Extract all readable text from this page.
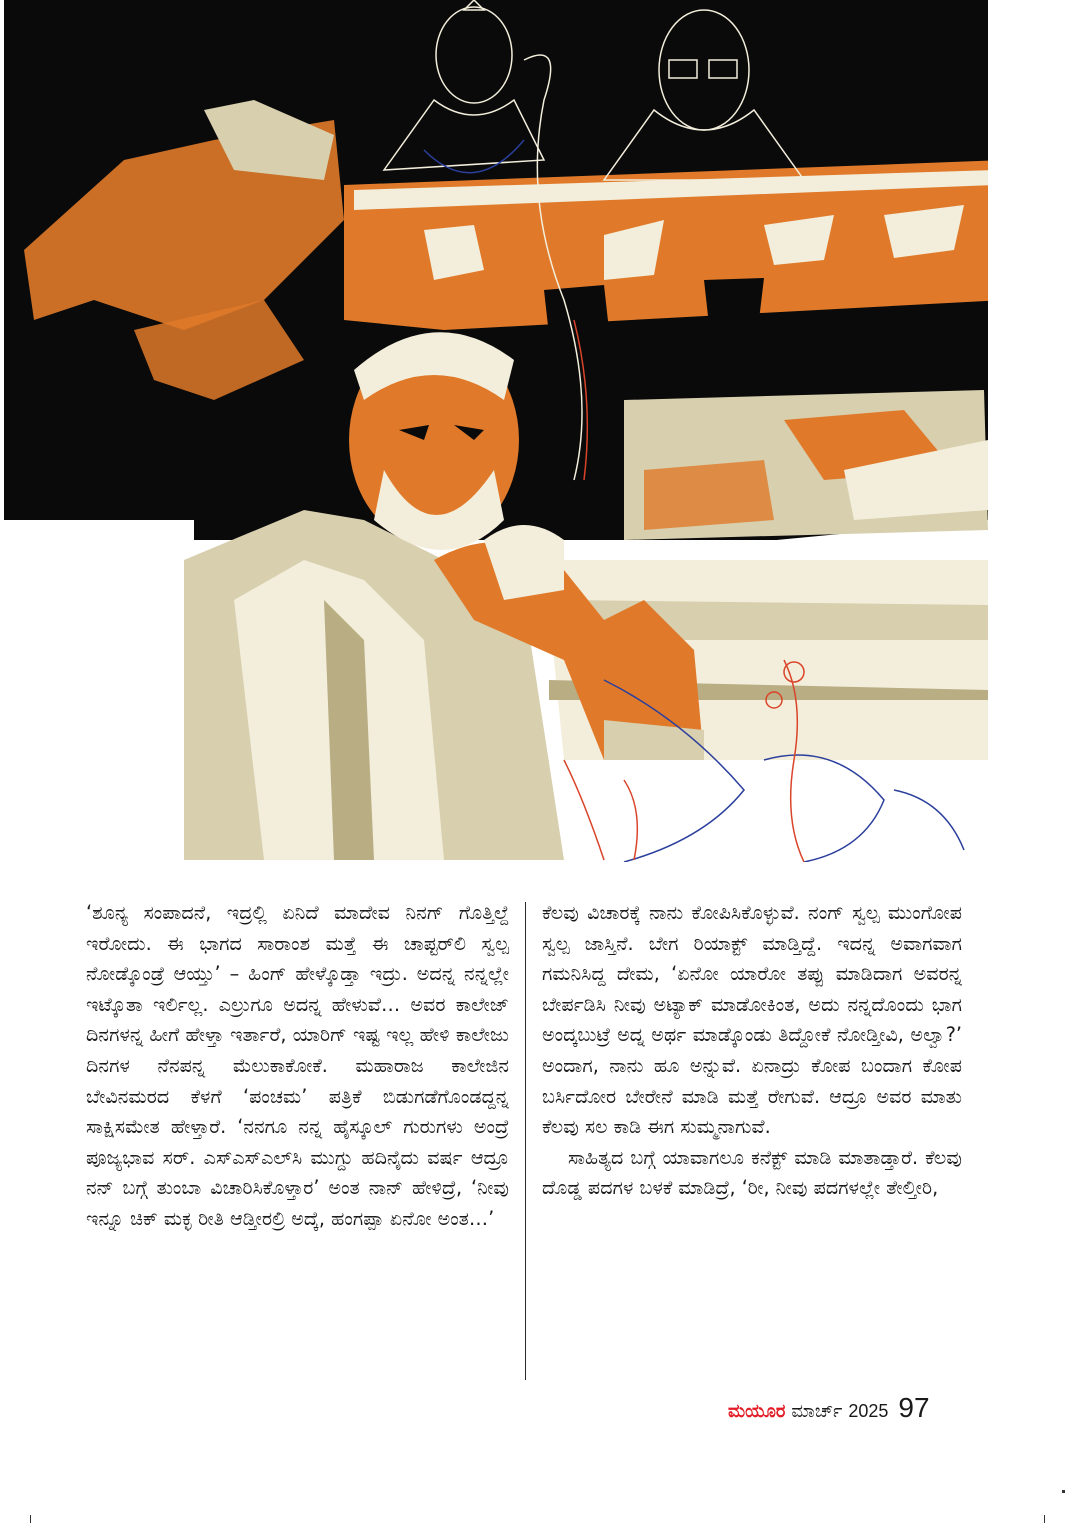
‘ಶೂನ್ಯ ಸಂಪಾದನೆ, ಇದ್ರಲ್ಲಿ ಏನಿದೆ ಮಾದೇವ ನಿನಗ್ ಗೊತ್ತಿಲ್ದೆ ಇರೋದು. ಈ ಭಾಗದ ಸಾರಾಂಶ ಮತ್ತೆ ಈ ಚಾಪ್ಟರ್‌ಲಿ ಸ್ವಲ್ಪ ನೋಡ್ಕೊಂಡ್ರೆ ಆಯ್ತು’ – ಹಿಂಗ್ ಹೇಳ್ಕೊಡ್ತಾ ಇದ್ರು. ಅದನ್ನ ನನ್ನಲ್ಲೇ ಇಟ್ಕೊತಾ ಇರ್ಲಿಲ್ಲ. ಎಲ್ರುಗೂ ಅದನ್ನ ಹೇಳುವೆ… ಅವರ ಕಾಲೇಜ್ ದಿನಗಳನ್ನ ಹೀಗೆ ಹೇಳ್ತಾ ಇರ್ತಾರೆ, ಯಾರಿಗ್ ಇಷ್ಟ ಇಲ್ಲ ಹೇಳಿ ಕಾಲೇಜು ದಿನಗಳ ನೆನಪನ್ನ ಮೆಲುಕಾಕೋಕೆ. ಮಹಾರಾಜ ಕಾಲೇಜಿನ ಬೇವಿನಮರದ ಕೆಳಗೆ ‘ಪಂಚಮ’ ಪತ್ರಿಕೆ ಬಿಡುಗಡೆಗೊಂಡದ್ದನ್ನ ಸಾಕ್ಷಿಸಮೇತ ಹೇಳ್ತಾರೆ. ‘ನನಗೂ ನನ್ನ ಹೈಸ್ಕೂಲ್ ಗುರುಗಳು ಅಂದ್ರೆ ಪೂಜ್ಯಭಾವ ಸರ್. ಎಸ್‌ಎಸ್‌ಎಲ್‌ಸಿ ಮುಗ್ದು ಹದಿನೈದು ವರ್ಷ ಆದ್ರೂ ನನ್ ಬಗ್ಗೆ ತುಂಬಾ ವಿಚಾರಿಸಿಕೊಳ್ತಾರ’ ಅಂತ ನಾನ್ ಹೇಳಿದ್ರೆ, ‘ನೀವು ಇನ್ನೂ ಚಿಕ್ ಮಕ್ಳ ರೀತಿ ಆಡ್ತೀರಲ್ರಿ ಅದ್ಕೆ, ಹಂಗಪ್ಪಾ ಏನೋ ಅಂತ…’

ಕೆಲವು ವಿಚಾರಕ್ಕೆ ನಾನು ಕೋಪಿಸಿಕೊಳ್ಳುವೆ. ನಂಗ್ ಸ್ವಲ್ಪ ಮುಂಗೋಪ ಸ್ವಲ್ಪ ಜಾಸ್ತಿನೆ. ಬೇಗ ರಿಯಾಕ್ಟ್ ಮಾಡ್ತಿದ್ದೆ. ಇದನ್ನ ಅವಾಗವಾಗ ಗಮನಿಸಿದ್ದ ದೇಮ, ‘ಏನೋ ಯಾರೋ ತಪ್ಪು ಮಾಡಿದಾಗ ಅವರನ್ನ ಬೇರ್ಪಡಿಸಿ ನೀವು ಅಟ್ಯಾಕ್ ಮಾಡೋಕಿಂತ, ಅದು ನನ್ನದೊಂದು ಭಾಗ ಅಂದ್ಕಬುಟ್ರೆ ಅದ್ನ ಅರ್ಥ ಮಾಡ್ಕೊಂಡು ತಿದ್ದೋಕೆ ನೋಡ್ತೀವಿ, ಅಲ್ವಾ?’ ಅಂದಾಗ, ನಾನು ಹೂ ಅನ್ನುವೆ. ಏನಾದ್ರು ಕೋಪ ಬಂದಾಗ ಕೋಪ ಬರ್ಸಿದೋರ ಬೇರೇನೆ ಮಾಡಿ ಮತ್ತೆ ರೇಗುವೆ. ಆದ್ರೂ ಅವರ ಮಾತು ಕೆಲವು ಸಲ ಕಾಡಿ ಈಗ ಸುಮ್ಮನಾಗುವೆ.

ಸಾಹಿತ್ಯದ ಬಗ್ಗೆ ಯಾವಾಗಲೂ ಕನೆಕ್ಟ್ ಮಾಡಿ ಮಾತಾಡ್ತಾರೆ. ಕೆಲವು ದೊಡ್ಡ ಪದಗಳ ಬಳಕೆ ಮಾಡಿದ್ರೆ, ‘ರೀ, ನೀವು ಪದಗಳಲ್ಲೇ ತೇಲ್ತೀರಿ,

ಮಯೂರ ಮಾರ್ಚ್ 2025 97
